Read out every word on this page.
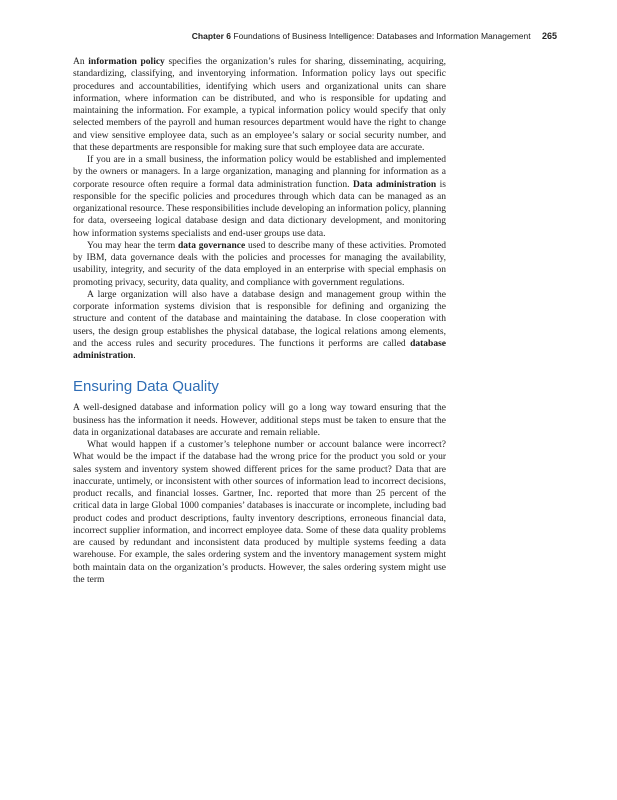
Chapter 6 Foundations of Business Intelligence: Databases and Information Management 265

An information policy specifies the organization’s rules for sharing, disseminating, acquiring, standardizing, classifying, and inventorying information. Information policy lays out specific procedures and accountabilities, identifying which users and organizational units can share information, where information can be distributed, and who is responsible for updating and maintaining the information. For example, a typical information policy would specify that only selected members of the payroll and human resources department would have the right to change and view sensitive employee data, such as an employee’s salary or social security number, and that these departments are responsible for making sure that such employee data are accurate.

If you are in a small business, the information policy would be established and implemented by the owners or managers. In a large organization, managing and planning for information as a corporate resource often require a formal data administration function. Data administration is responsible for the specific policies and procedures through which data can be managed as an organizational resource. These responsibilities include developing an information policy, planning for data, overseeing logical database design and data dictionary development, and monitoring how information systems specialists and end-user groups use data.

You may hear the term data governance used to describe many of these activities. Promoted by IBM, data governance deals with the policies and processes for managing the availability, usability, integrity, and security of the data employed in an enterprise with special emphasis on promoting privacy, security, data quality, and compliance with government regulations.

A large organization will also have a database design and management group within the corporate information systems division that is responsible for defining and organizing the structure and content of the database and maintaining the database. In close cooperation with users, the design group establishes the physical database, the logical relations among elements, and the access rules and security procedures. The functions it performs are called database administration.

Ensuring Data Quality

A well-designed database and information policy will go a long way toward ensuring that the business has the information it needs. However, additional steps must be taken to ensure that the data in organizational databases are accurate and remain reliable.

What would happen if a customer’s telephone number or account balance were incorrect? What would be the impact if the database had the wrong price for the product you sold or your sales system and inventory system showed different prices for the same product? Data that are inaccurate, untimely, or inconsistent with other sources of information lead to incorrect decisions, product recalls, and financial losses. Gartner, Inc. reported that more than 25 percent of the critical data in large Global 1000 companies’ databases is inaccurate or incomplete, including bad product codes and product descriptions, faulty inventory descriptions, erroneous financial data, incorrect supplier information, and incorrect employee data. Some of these data quality problems are caused by redundant and inconsistent data produced by multiple systems feeding a data warehouse. For example, the sales ordering system and the inventory management system might both maintain data on the organization’s products. However, the sales ordering system might use the term
